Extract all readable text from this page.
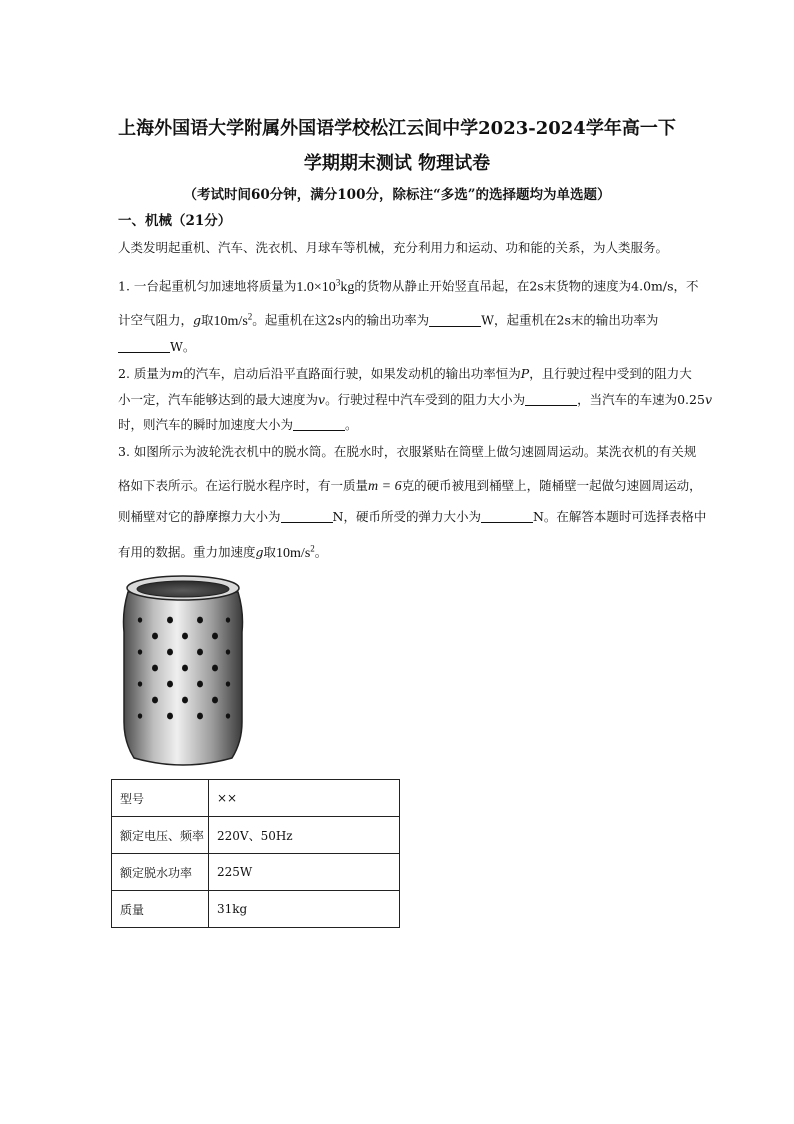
上海外国语大学附属外国语学校松江云间中学2023-2024学年高一下
学期期末测试 物理试卷
（考试时间60分钟，满分100分，除标注“多选”的选择题均为单选题）
一、机械（21分）
人类发明起重机、汽车、洗衣机、月球车等机械，充分利用力和运动、功和能的关系，为人类服务。
1. 一台起重机匀加速地将质量为$1.0\times 10^3kg$的货物从静止开始竖直吊起，在2s末货物的速度为4.0m/s，不
计空气阻力，g取$10m/s^2$。起重机在这2s内的输出功率为	W，起重机在2s末的输出功率为
W。
2. 质量为m的汽车，启动后沿平直路面行驶，如果发动机的输出功率恒为P，且行驶过程中受到的阻力大
小一定，汽车能够达到的最大速度为v。行驶过程中汽车受到的阻力大小为	，当汽车的车速为0.25v
时，则汽车的瞬时加速度大小为	。
3. 如图所示为波轮洗衣机中的脱水筒。在脱水时，衣服紧贴在筒壁上做匀速圆周运动。某洗衣机的有关规
格如下表所示。在运行脱水程序时，有一质量m = 6克的硬币被甩到桶壁上，随桶壁一起做匀速圆周运动，
则桶壁对它的静摩擦力大小为	N，硬币所受的弹力大小为	N。在解答本题时可选择表格中
有用的数据。重力加速度g取$10m/s^2$。
型号	××
额定电压、频率	220V、50Hz
额定脱水功率	225W
质量	31kg
